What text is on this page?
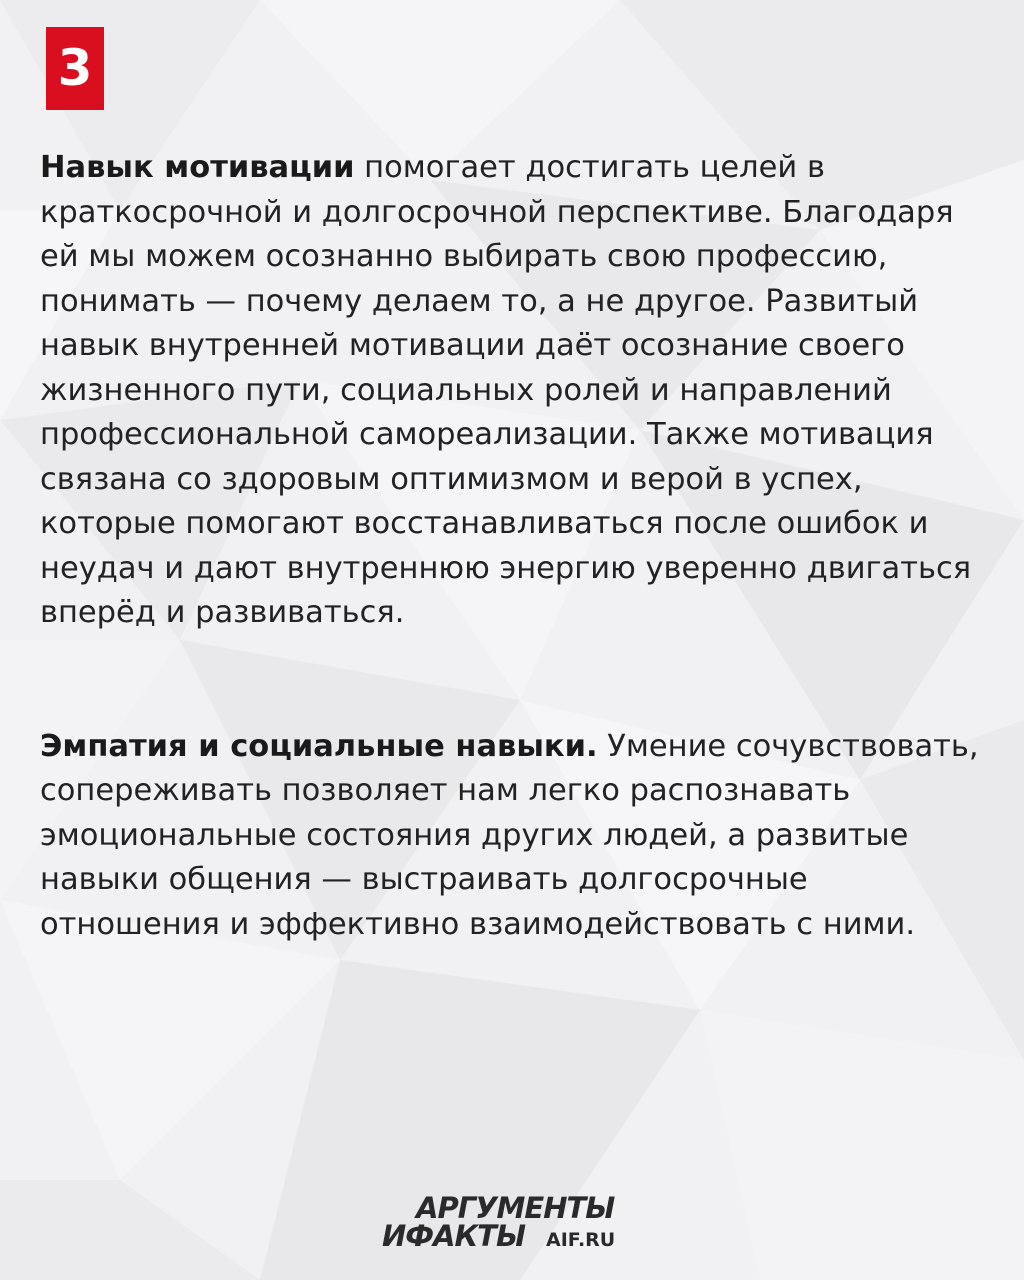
3

Навык мотивации помогает достигать целей в краткосрочной и долгосрочной перспективе. Благодаря ей мы можем осознанно выбирать свою профессию, понимать — почему делаем то, а не другое. Развитый навык внутренней мотивации даёт осознание своего жизненного пути, социальных ролей и направлений профессиональной самореализации. Также мотивация связана со здоровым оптимизмом и верой в успех, которые помогают восстанавливаться после ошибок и неудач и дают внутреннюю энергию уверенно двигаться вперёд и развиваться.

Эмпатия и социальные навыки. Умение сочувствовать, сопереживать позволяет нам легко распознавать эмоциональные состояния других людей, а развитые навыки общения — выстраивать долгосрочные отношения и эффективно взаимодействовать с ними.

АРГУМЕНТЫ
ИФАКТЫ AIF.RU
